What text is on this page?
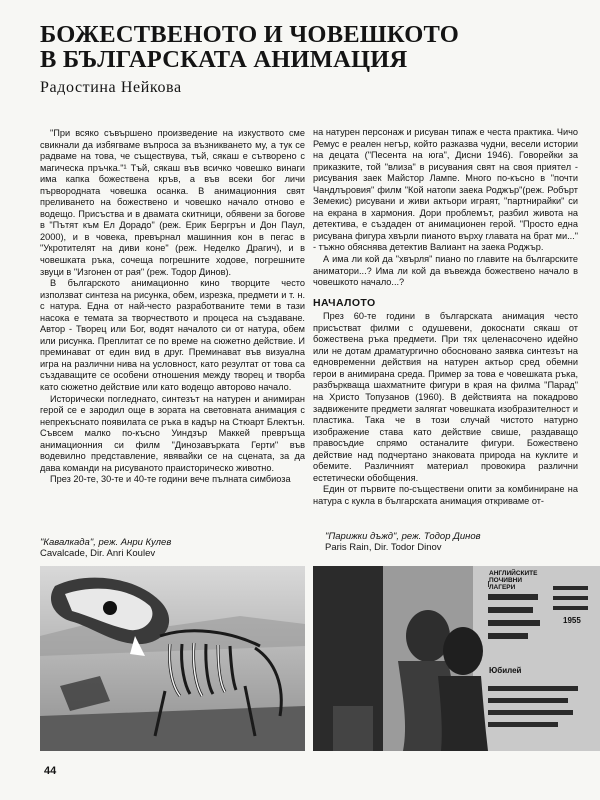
БОЖЕСТВЕНОТО И ЧОВЕШКОТО
В БЪЛГАРСКАТА АНИМАЦИЯ
Радостина Нейкова

"При всяко съвършено произведение на изкуството сме свикнали да избягваме въпроса за възникването му, а тук се радваме на това, че съществува, тъй, сякаш е сътворено с магическа пръчка."¹ Тъй, сякаш във всичко човешко винаги има капка божествена кръв, а във всеки бог личи първородната човешка осанка. В анимационния свят преливането на божествено и човешко начало отново е водещо. Присъства и в двамата скитници, обявени за богове в "Пътят към Ел Дорадо" (реж. Ерик Бергрън и Дон Паул, 2000), и в човека, превърнал машинния кон в пегас в "Укротителят на диви коне" (реж. Неделко Драгич), и в човешката ръка, сочеща погрешните ходове, погрешните звуци в "Изгонен от рая" (реж. Тодор Динов).

В българското анимационно кино творците често използват синтеза на рисунка, обем, изрезка, предмети и т. н. с натура. Една от най-честo разработваните теми в тази насока е темата за творчеството и процеса на създаване. Автор - Творец или Бог, водят началото си от натура, обем или рисунка. Преплитат се по време на сюжетно действие. И преминават от един вид в друг. Преминават във визуална игра на различни нива на условност, като резултат от това са създаващите се особени отношения между творец и творба като сюжетно действие или като водещо авторово начало.

Исторически погледнато, синтезът на натурен и анимиран герой се е зародил още в зората на световната анимация с непрекъснато появилата се ръка в кадър на Стюарт Блектън. Съвсем малко по-късно Уиндзър Маккей превръща анимационния си филм "Динозавърката Герти" във водевилно представление, явявайки се на сцената, за да дава команди на рисуваното праисторическо животно.

През 20-те, 30-те и 40-те години вече пълната симбиоза

на натурен персонаж и рисуван типаж е честа практика. Чичо Ремус е реален негър, който разказва чудни, весели истории на децата ("Песента на юга", Дисни 1946). Говорейки за приказките, той "влиза" в рисувания свят на своя приятел - рисувания заек Майстор Лампе. Много по-късно в "почти Чандлъровия" филм "Кой натопи заека Роджър"(реж. Робърт Земекис) рисувани и живи актьори играят, "партнирайки" си на екрана в хармония. Дори проблемът, разбил живота на детектива, е създаден от анимационен герой. "Просто една рисувана фигура хвърли пианото върху главата на брат ми..." - тъжно обяснява детектив Валиант на заека Роджър.

А има ли кой да "хвърля" пиано по главите на българските аниматори...? Има ли кой да въвежда божествено начало в човешкото начало...?

НАЧАЛОТО

През 60-те години в българската анимация често присъстват филми с одушевени, докоснати сякаш от божествена ръка предмети. При тях целенасочено идейно или не дотам драматургично обосновано заявка синтезът на едновременни действия на натурен актьор сред обемни герои в анимирана среда. Пример за това е човешката ръка, разбъркваща шахматните фигури в края на филма "Парад" на Христо Топузанов (1960). В действията на покадрово задвижените предмети залягат човешката изобразителност и пластика. Така че в този случай чистото натурно изображение става като действие свише, раздаващо правосъдие спрямо останалите фигури. Божествено действие над подчертано знаковата природа на куклите и обемите. Различният материал провокира различни естетически обобщения.

Един от първите по-съществени опити за комбиниране на натура с кукла в българската анимация откриваме от-

"Кавалкада", реж. Анри Кулев
Cavalcade, Dir. Anri Koulev
"Парижки дъжд", реж. Тодор Динов
Paris Rain, Dir. Todor Dinov
АНГЛИЙСКИТЕ ПОЧИВНИ ЛАГЕРИ
1955
Юбилей
44
